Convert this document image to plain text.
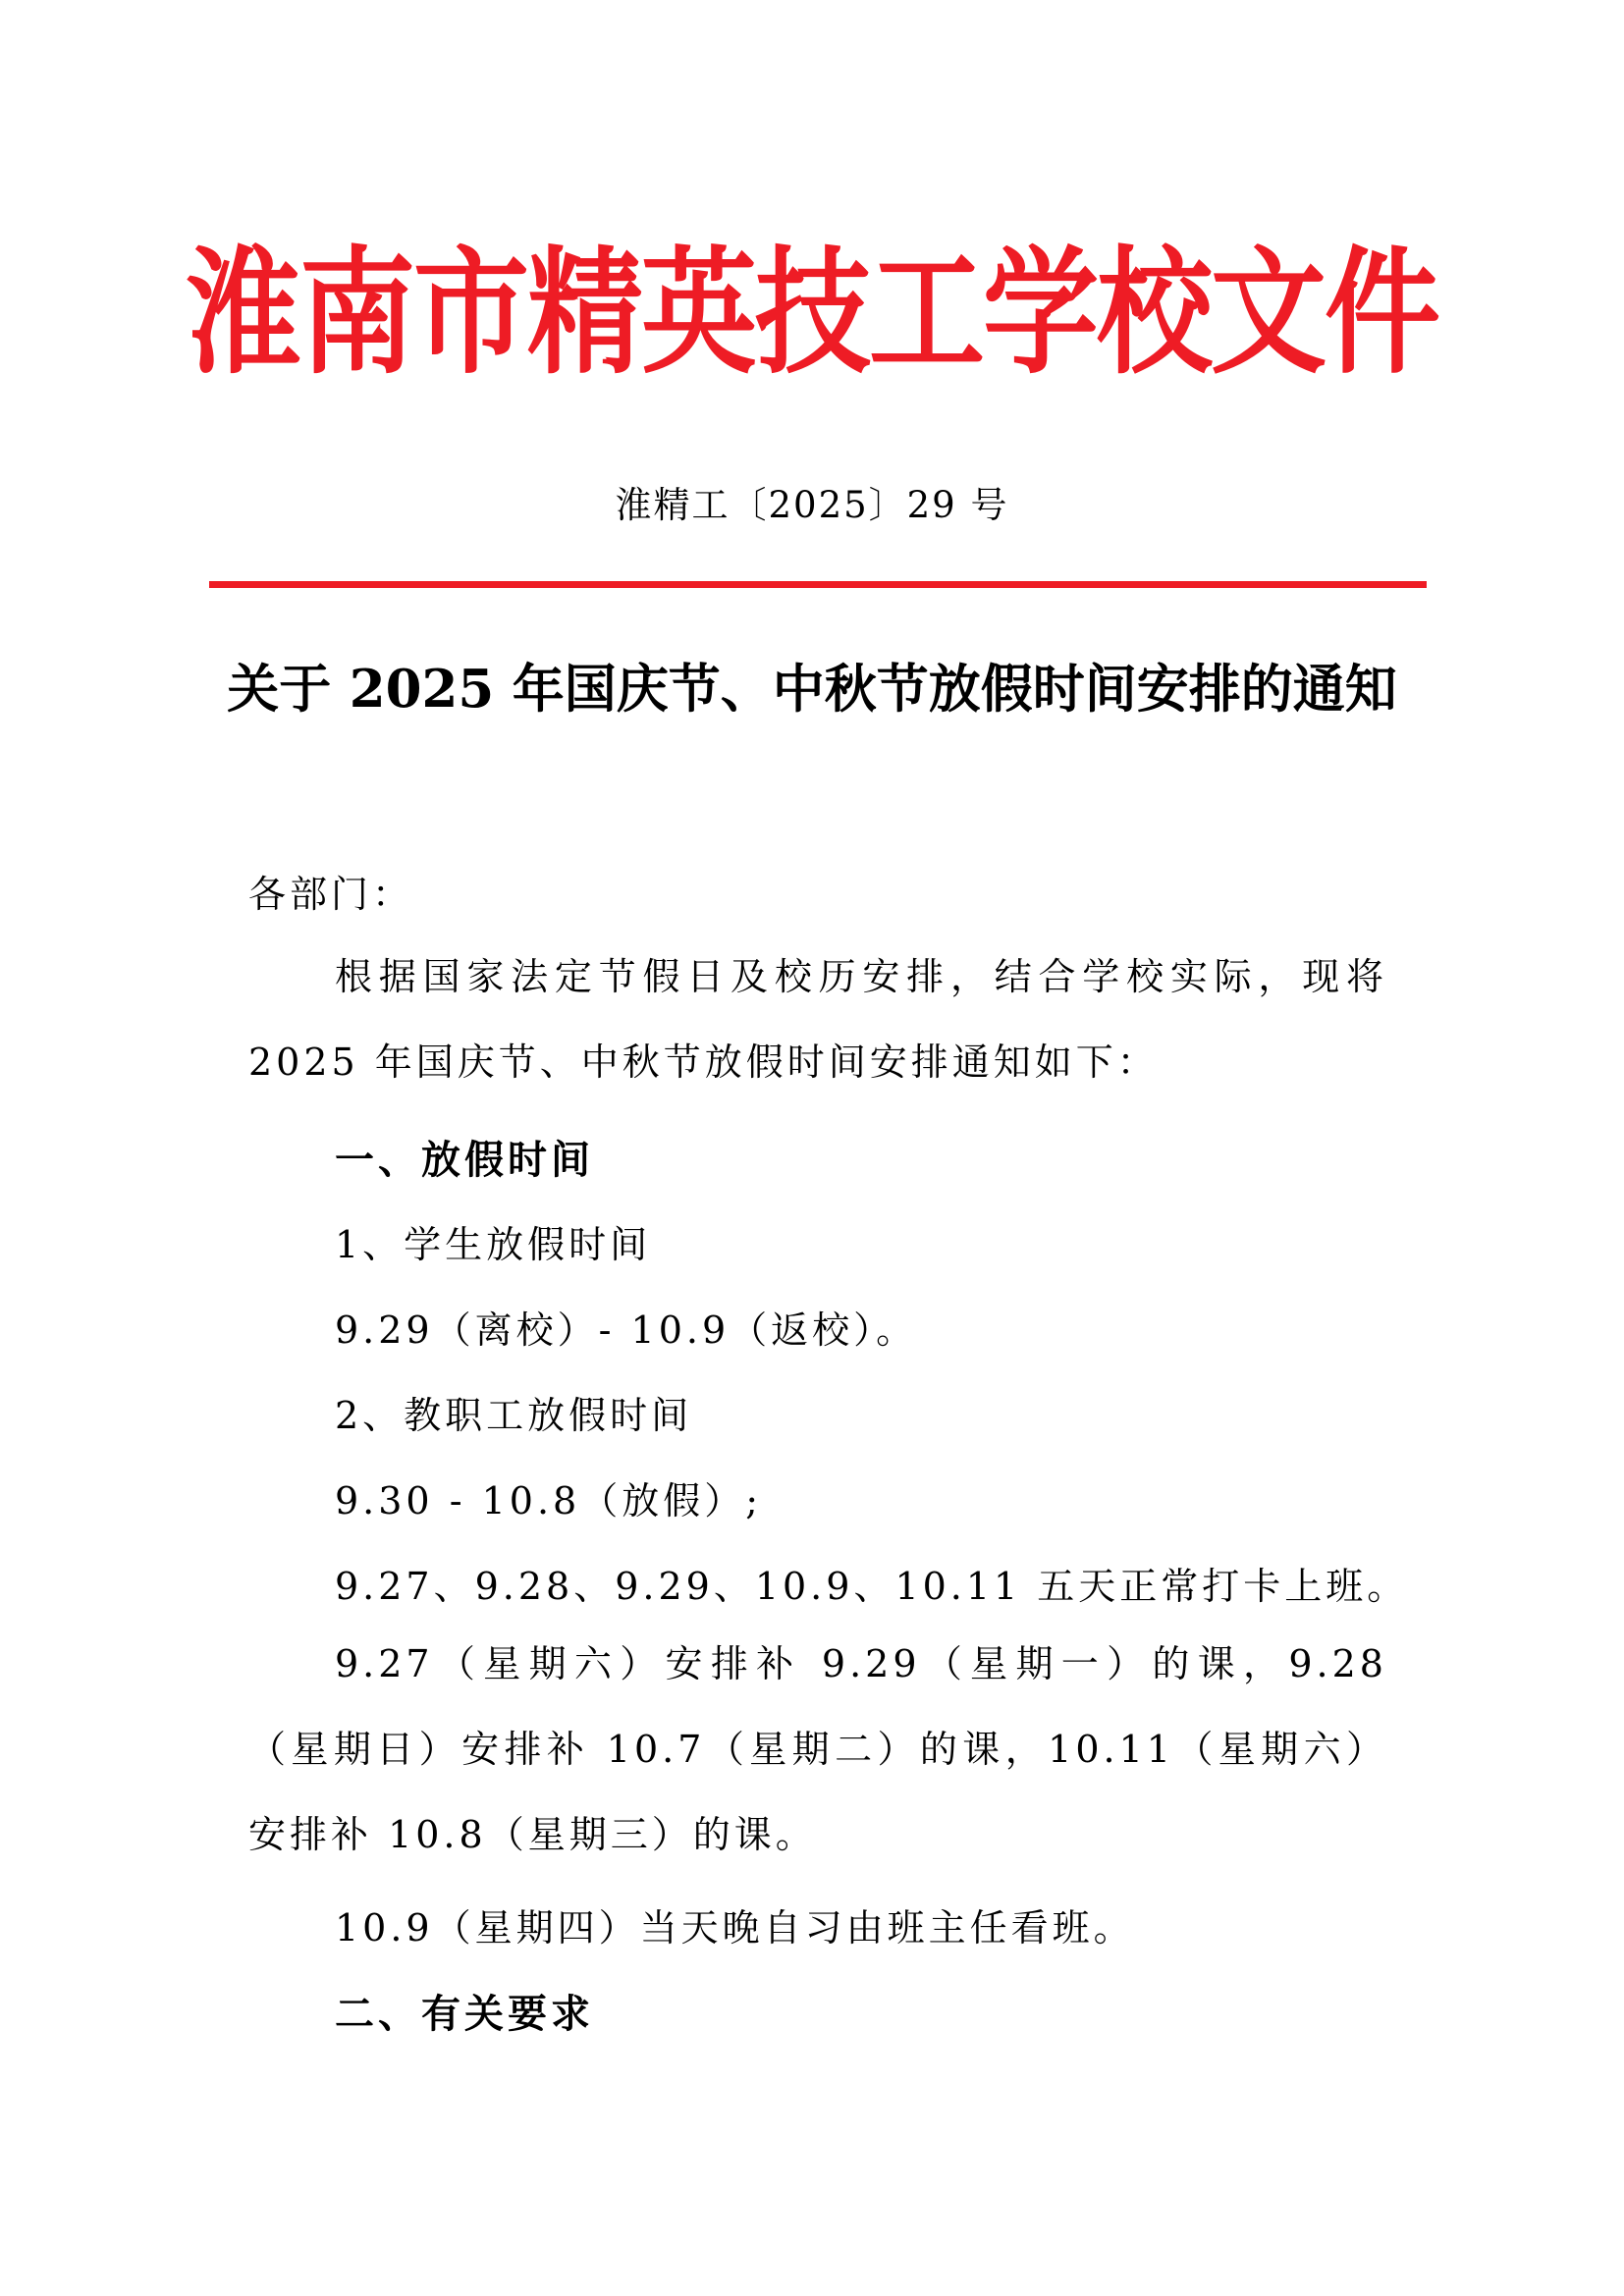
淮南市精英技工学校文件
淮精工〔2025〕29 号
关于 2025 年国庆节、中秋节放假时间安排的通知
各部门：
根据国家法定节假日及校历安排，结合学校实际，现将 2025 年国庆节、中秋节放假时间安排通知如下：
一、放假时间
1、学生放假时间
9.29（离校）- 10.9（返校）。
2、教职工放假时间
9.30 - 10.8（放假）;
9.27、9.28、9.29、10.9、10.11 五天正常打卡上班。
9.27（星期六）安排补 9.29（星期一）的课，9.28（星期日）安排补 10.7（星期二）的课，10.11（星期六）安排补 10.8（星期三）的课。
10.9（星期四）当天晚自习由班主任看班。
二、有关要求
